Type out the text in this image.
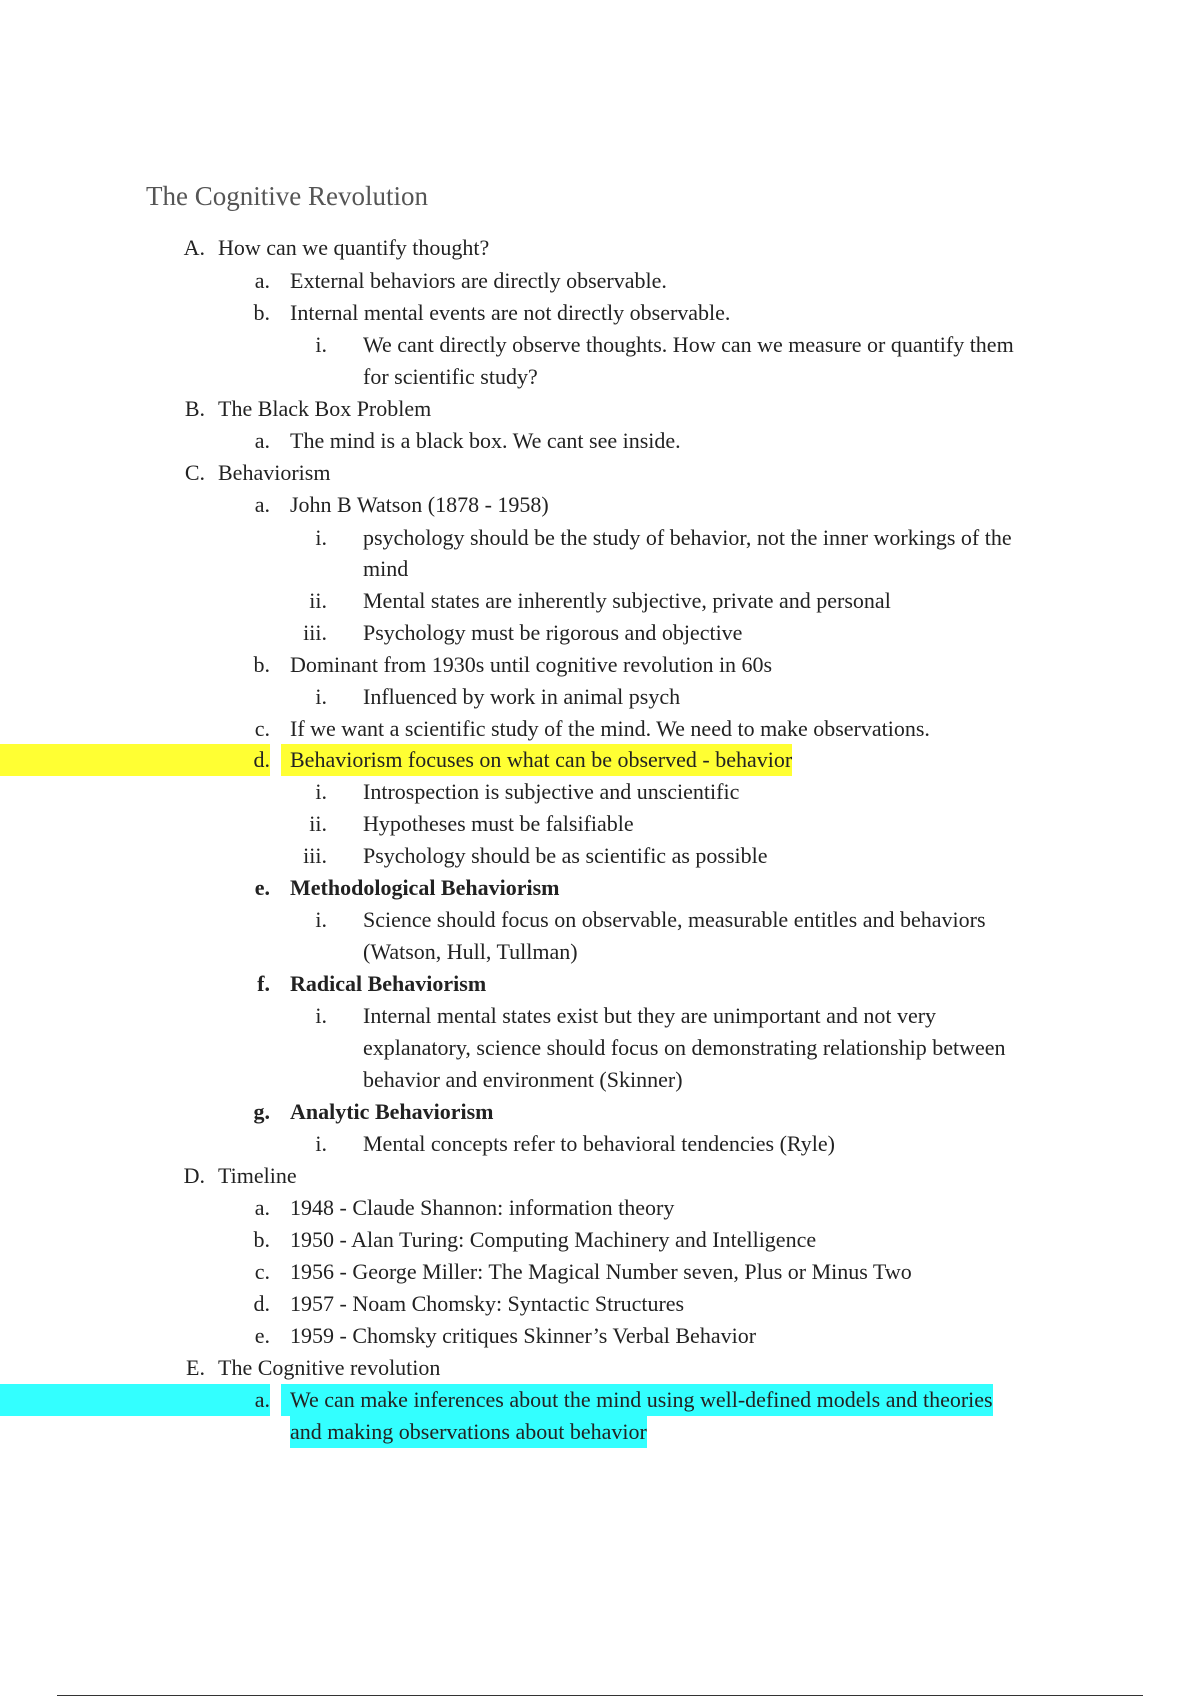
The Cognitive Revolution
A. How can we quantify thought?
a. External behaviors are directly observable.
b. Internal mental events are not directly observable.
i. We cant directly observe thoughts. How can we measure or quantify them
for scientific study?
B. The Black Box Problem
a. The mind is a black box. We cant see inside.
C. Behaviorism
a. John B Watson (1878 - 1958)
i. psychology should be the study of behavior, not the inner workings of the
mind
ii. Mental states are inherently subjective, private and personal
iii. Psychology must be rigorous and objective
b. Dominant from 1930s until cognitive revolution in 60s
i. Influenced by work in animal psych
c. If we want a scientific study of the mind. We need to make observations.
d. Behaviorism focuses on what can be observed - behavior
i. Introspection is subjective and unscientific
ii. Hypotheses must be falsifiable
iii. Psychology should be as scientific as possible
e. Methodological Behaviorism
i. Science should focus on observable, measurable entitles and behaviors
(Watson, Hull, Tullman)
f. Radical Behaviorism
i. Internal mental states exist but they are unimportant and not very
explanatory, science should focus on demonstrating relationship between
behavior and environment (Skinner)
g. Analytic Behaviorism
i. Mental concepts refer to behavioral tendencies (Ryle)
D. Timeline
a. 1948 - Claude Shannon: information theory
b. 1950 - Alan Turing: Computing Machinery and Intelligence
c. 1956 - George Miller: The Magical Number seven, Plus or Minus Two
d. 1957 - Noam Chomsky: Syntactic Structures
e. 1959 - Chomsky critiques Skinner’s Verbal Behavior
E. The Cognitive revolution
a. We can make inferences about the mind using well-defined models and theories
and making observations about behavior
